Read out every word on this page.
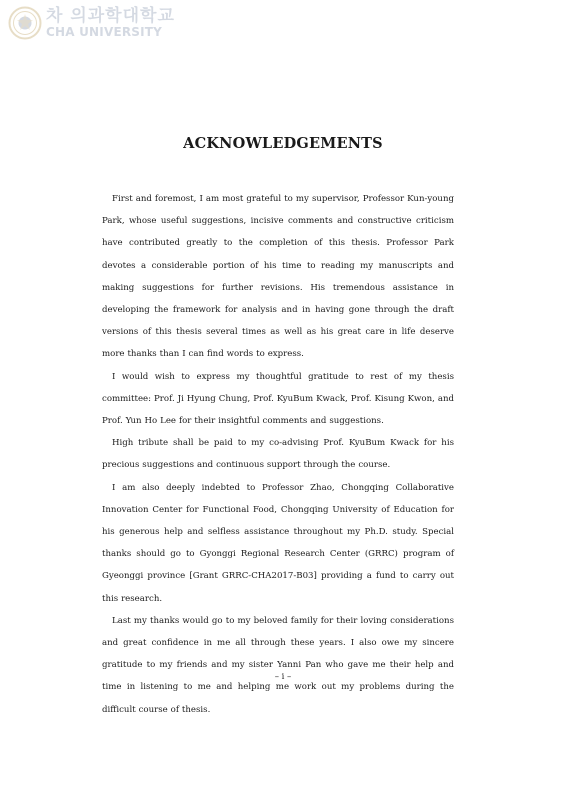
차 의과학대학교
CHA UNIVERSITY
ACKNOWLEDGEMENTS

First and foremost, I am most grateful to my supervisor, Professor Kun-young Park, whose useful suggestions, incisive comments and constructive criticism have contributed greatly to the completion of this thesis. Professor Park devotes a considerable portion of his time to reading my manuscripts and making suggestions for further revisions. His tremendous assistance in developing the framework for analysis and in having gone through the draft versions of this thesis several times as well as his great care in life deserve more thanks than I can find words to express.

I would wish to express my thoughtful gratitude to rest of my thesis committee: Prof. Ji Hyung Chung, Prof. KyuBum Kwack, Prof. Kisung Kwon, and Prof. Yun Ho Lee for their insightful comments and suggestions.

High tribute shall be paid to my co-advising Prof. KyuBum Kwack for his precious suggestions and continuous support through the course.

I am also deeply indebted to Professor Zhao, Chongqing Collaborative Innovation Center for Functional Food, Chongqing University of Education for his generous help and selfless assistance throughout my Ph.D. study. Special thanks should go to Gyonggi Regional Research Center (GRRC) program of Gyeonggi province [Grant GRRC-CHA2017-B03] providing a fund to carry out this research.

Last my thanks would go to my beloved family for their loving considerations and great confidence in me all through these years. I also owe my sincere gratitude to my friends and my sister Yanni Pan who gave me their help and time in listening to me and helping me work out my problems during the difficult course of thesis.

– i –
